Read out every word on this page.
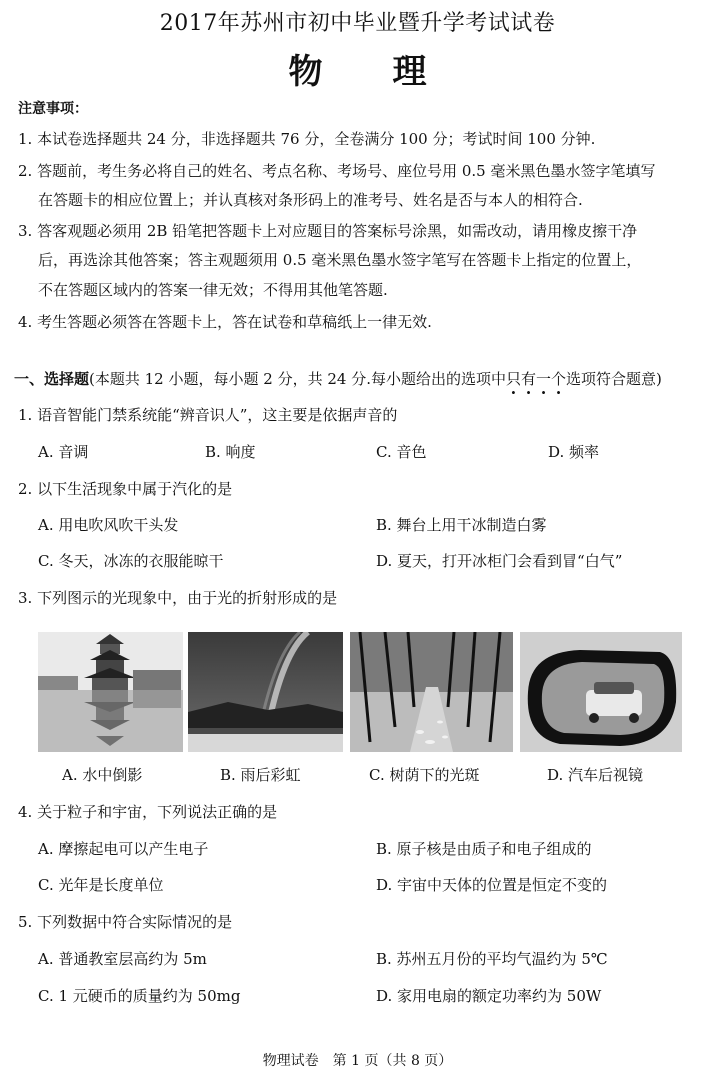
2017年苏州市初中毕业暨升学考试试卷
物理
注意事项：
1. 本试卷选择题共 24 分，非选择题共 76 分，全卷满分 100 分；考试时间 100 分钟.
2. 答题前，考生务必将自己的姓名、考点名称、考场号、座位号用 0.5 毫米黑色墨水签字笔填写
在答题卡的相应位置上；并认真核对条形码上的准考号、姓名是否与本人的相符合.
3. 答客观题必须用 2B 铅笔把答题卡上对应题目的答案标号涂黑，如需改动，请用橡皮擦干净
后，再选涂其他答案；答主观题须用 0.5 毫米黑色墨水签字笔写在答题卡上指定的位置上，
不在答题区域内的答案一律无效；不得用其他笔答题.
4. 考生答题必须答在答题卡上，答在试卷和草稿纸上一律无效.
一、选择题(本题共 12 小题，每小题 2 分，共 24 分.每小题给出的选项中只有一个选项符合题意)
1. 语音智能门禁系统能“辨音识人”，这主要是依据声音的
A. 音调	B. 响度	C. 音色	D. 频率
2. 以下生活现象中属于汽化的是
A. 用电吹风吹干头发	B. 舞台上用干冰制造白雾
C. 冬天，冰冻的衣服能晾干	D. 夏天，打开冰柜门会看到冒“白气”
3. 下列图示的光现象中，由于光的折射形成的是
A. 水中倒影	B. 雨后彩虹	C. 树荫下的光斑	D. 汽车后视镜
4. 关于粒子和宇宙，下列说法正确的是
A. 摩擦起电可以产生电子	B. 原子核是由质子和电子组成的
C. 光年是长度单位	D. 宇宙中天体的位置是恒定不变的
5. 下列数据中符合实际情况的是
A. 普通教室层高约为 5m	B. 苏州五月份的平均气温约为 5℃
C. 1 元硬币的质量约为 50mg	D. 家用电扇的额定功率约为 50W
物理试卷　第 1 页（共 8 页）
